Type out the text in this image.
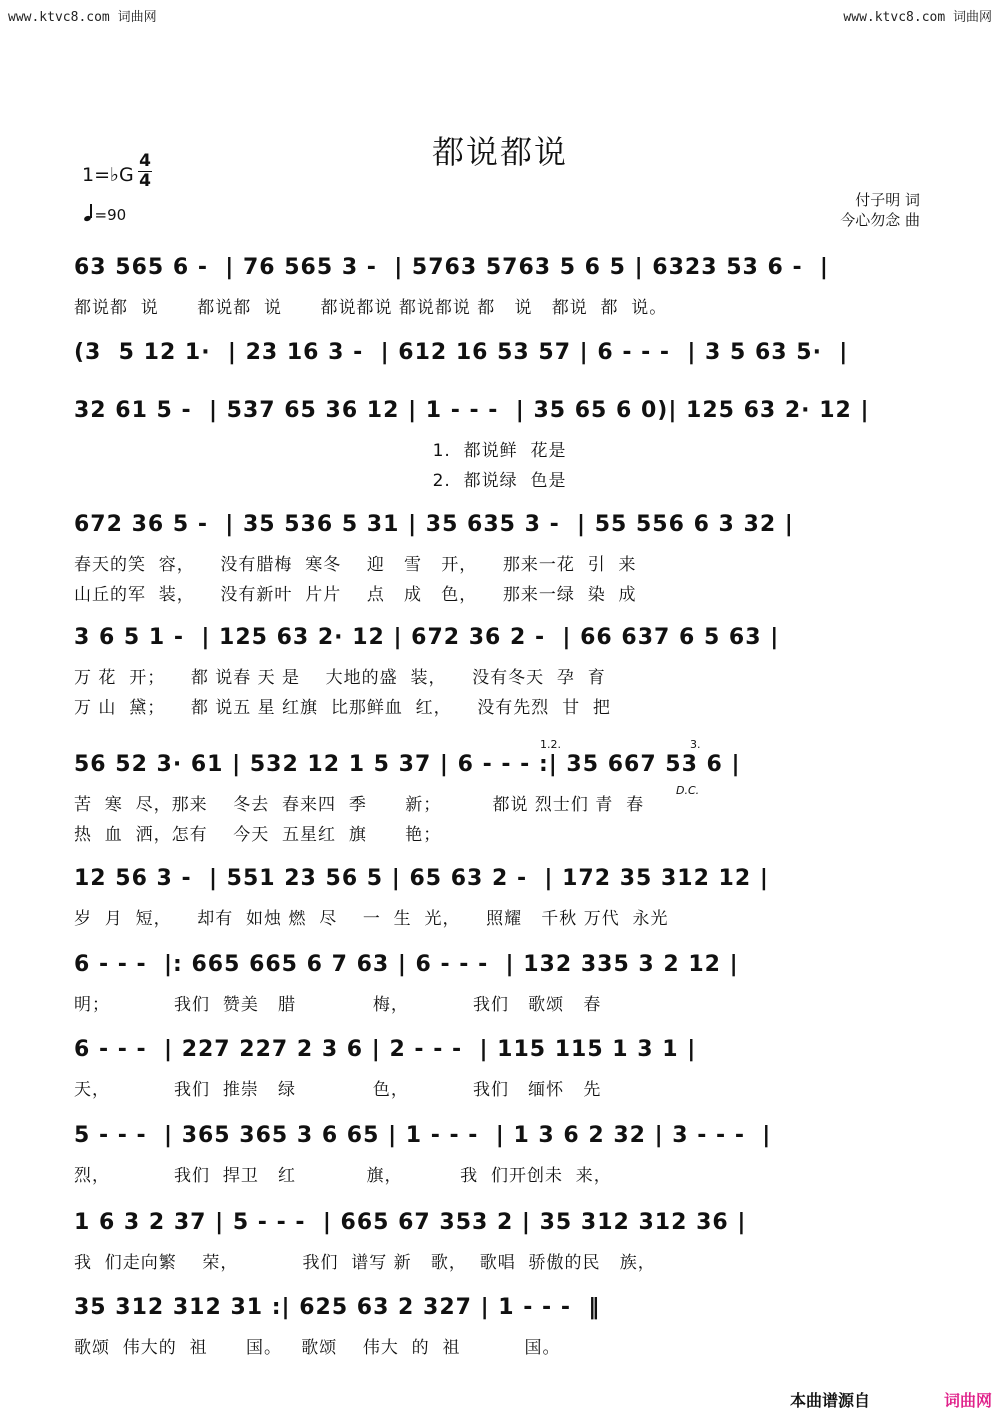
www.ktvc8.com 词曲网	www.ktvc8.com 词曲网
都说都说
1=♭G
4
4
=90
付子明 词
今心勿念 曲
63 565 6 -  | 76 565 3 -  | 5763 5763 5 6 5 | 6323 53 6 -  |
都说都  说      都说都  说      都说都说 都说都说 都   说   都说  都  说。
(3  5 12 1·  | 23 16 3 -  | 612 16 53 57 | 6 - - -  | 3 5 63 5·  |
32 61 5 -  | 537 65 36 12 | 1 - - -  | 35 65 6 0)| 125 63 2· 12 |
1.  都说鲜  花是
2.  都说绿  色是
672 36 5 -  | 35 536 5 31 | 35 635 3 -  | 55 556 6 3 32 |
春天的笑  容，    没有腊梅  寒冬    迎   雪   开，    那来一花  引  来
山丘的军  装，    没有新叶  片片    点   成   色，    那来一绿  染  成
3 6 5 1 -  | 125 63 2· 12 | 672 36 2 -  | 66 637 6 5 63 |
万 花  开；    都 说春 天 是    大地的盛  装，    没有冬天  孕  育
万 山  黛；    都 说五 星 红旗  比那鲜血  红，    没有先烈  甘  把
56 52 3· 61 | 532 12 1 5 37 | 6 - - - :| 35 667 53 6 |
苦  寒  尽，那来    冬去  春来四  季      新；        都说 烈士们 青  春
热  血  洒，怎有    今天  五星红  旗      艳；
12 56 3 -  | 551 23 56 5 | 65 63 2 -  | 172 35 312 12 |
岁  月  短，    却有  如烛 燃  尽    一  生  光，    照耀   千秋 万代  永光
6 - - -  |: 665 665 6 7 63 | 6 - - -  | 132 335 3 2 12 |
明；          我们  赞美   腊            梅，          我们   歌颂   春
6 - - -  | 227 227 2 3 6 | 2 - - -  | 115 115 1 3 1 |
天，          我们  推崇   绿            色，          我们   缅怀   先
5 - - -  | 365 365 3 6 65 | 1 - - -  | 1 3 6 2 32 | 3 - - -  |
烈，          我们  捍卫   红           旗，         我  们开创未  来，
1 6 3 2 37 | 5 - - -  | 665 67 353 2 | 35 312 312 36 |
我  们走向繁    荣，          我们  谱写 新   歌，  歌唱  骄傲的民   族，
35 312 312 31 :| 625 63 2 327 | 1 - - -  ‖
歌颂  伟大的  祖      国。   歌颂    伟大  的  祖          国。
1.2.	3.
D.C.
本曲谱源自	词曲网
